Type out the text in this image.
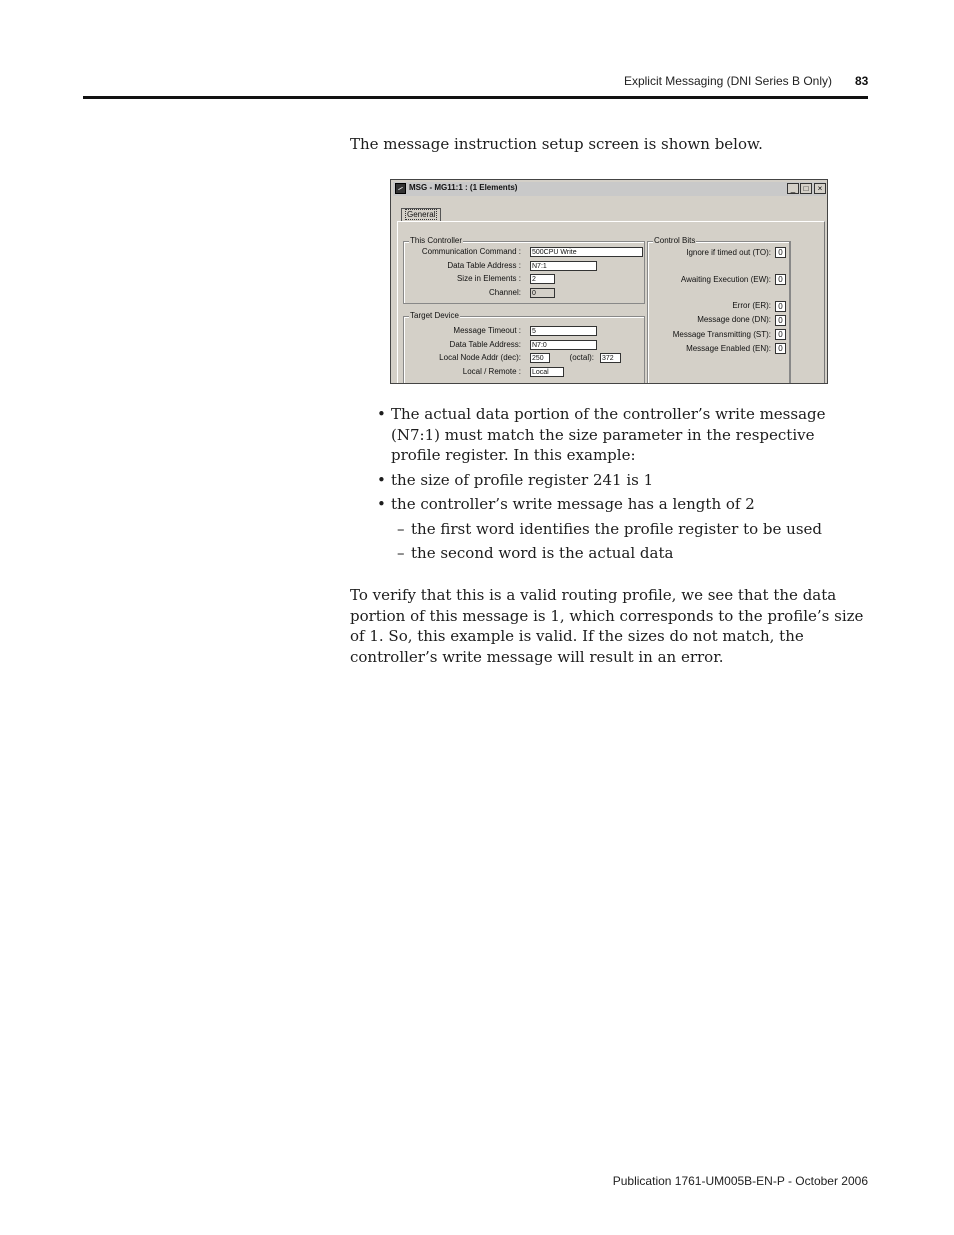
Explicit Messaging (DNI Series B Only) 83

The message instruction setup screen is shown below.

MSG - MG11:1 : (1 Elements)	_	□	×
General
This Controller
Communication Command : 500CPU Write
Data Table Address : N7:1
Size in Elements : 2
Channel: 0
Target Device
Message Timeout : 5
Data Table Address: N7:0
Local Node Addr (dec): 250	(octal): 372
Local / Remote : Local
Control Bits
Ignore if timed out (TO): 0
Awaiting Execution (EW): 0
Error (ER): 0
Message done (DN): 0
Message Transmitting (ST): 0
Message Enabled (EN): 0
• The actual data portion of the controller’s write message (N7:1) must match the size parameter in the respective profile register. In this example:
• the size of profile register 241 is 1
• the controller’s write message has a length of 2
– the first word identifies the profile register to be used
– the second word is the actual data

To verify that this is a valid routing profile, we see that the data portion of this message is 1, which corresponds to the profile’s size of 1. So, this example is valid. If the sizes do not match, the controller’s write message will result in an error.

Publication 1761-UM005B-EN-P - October 2006
